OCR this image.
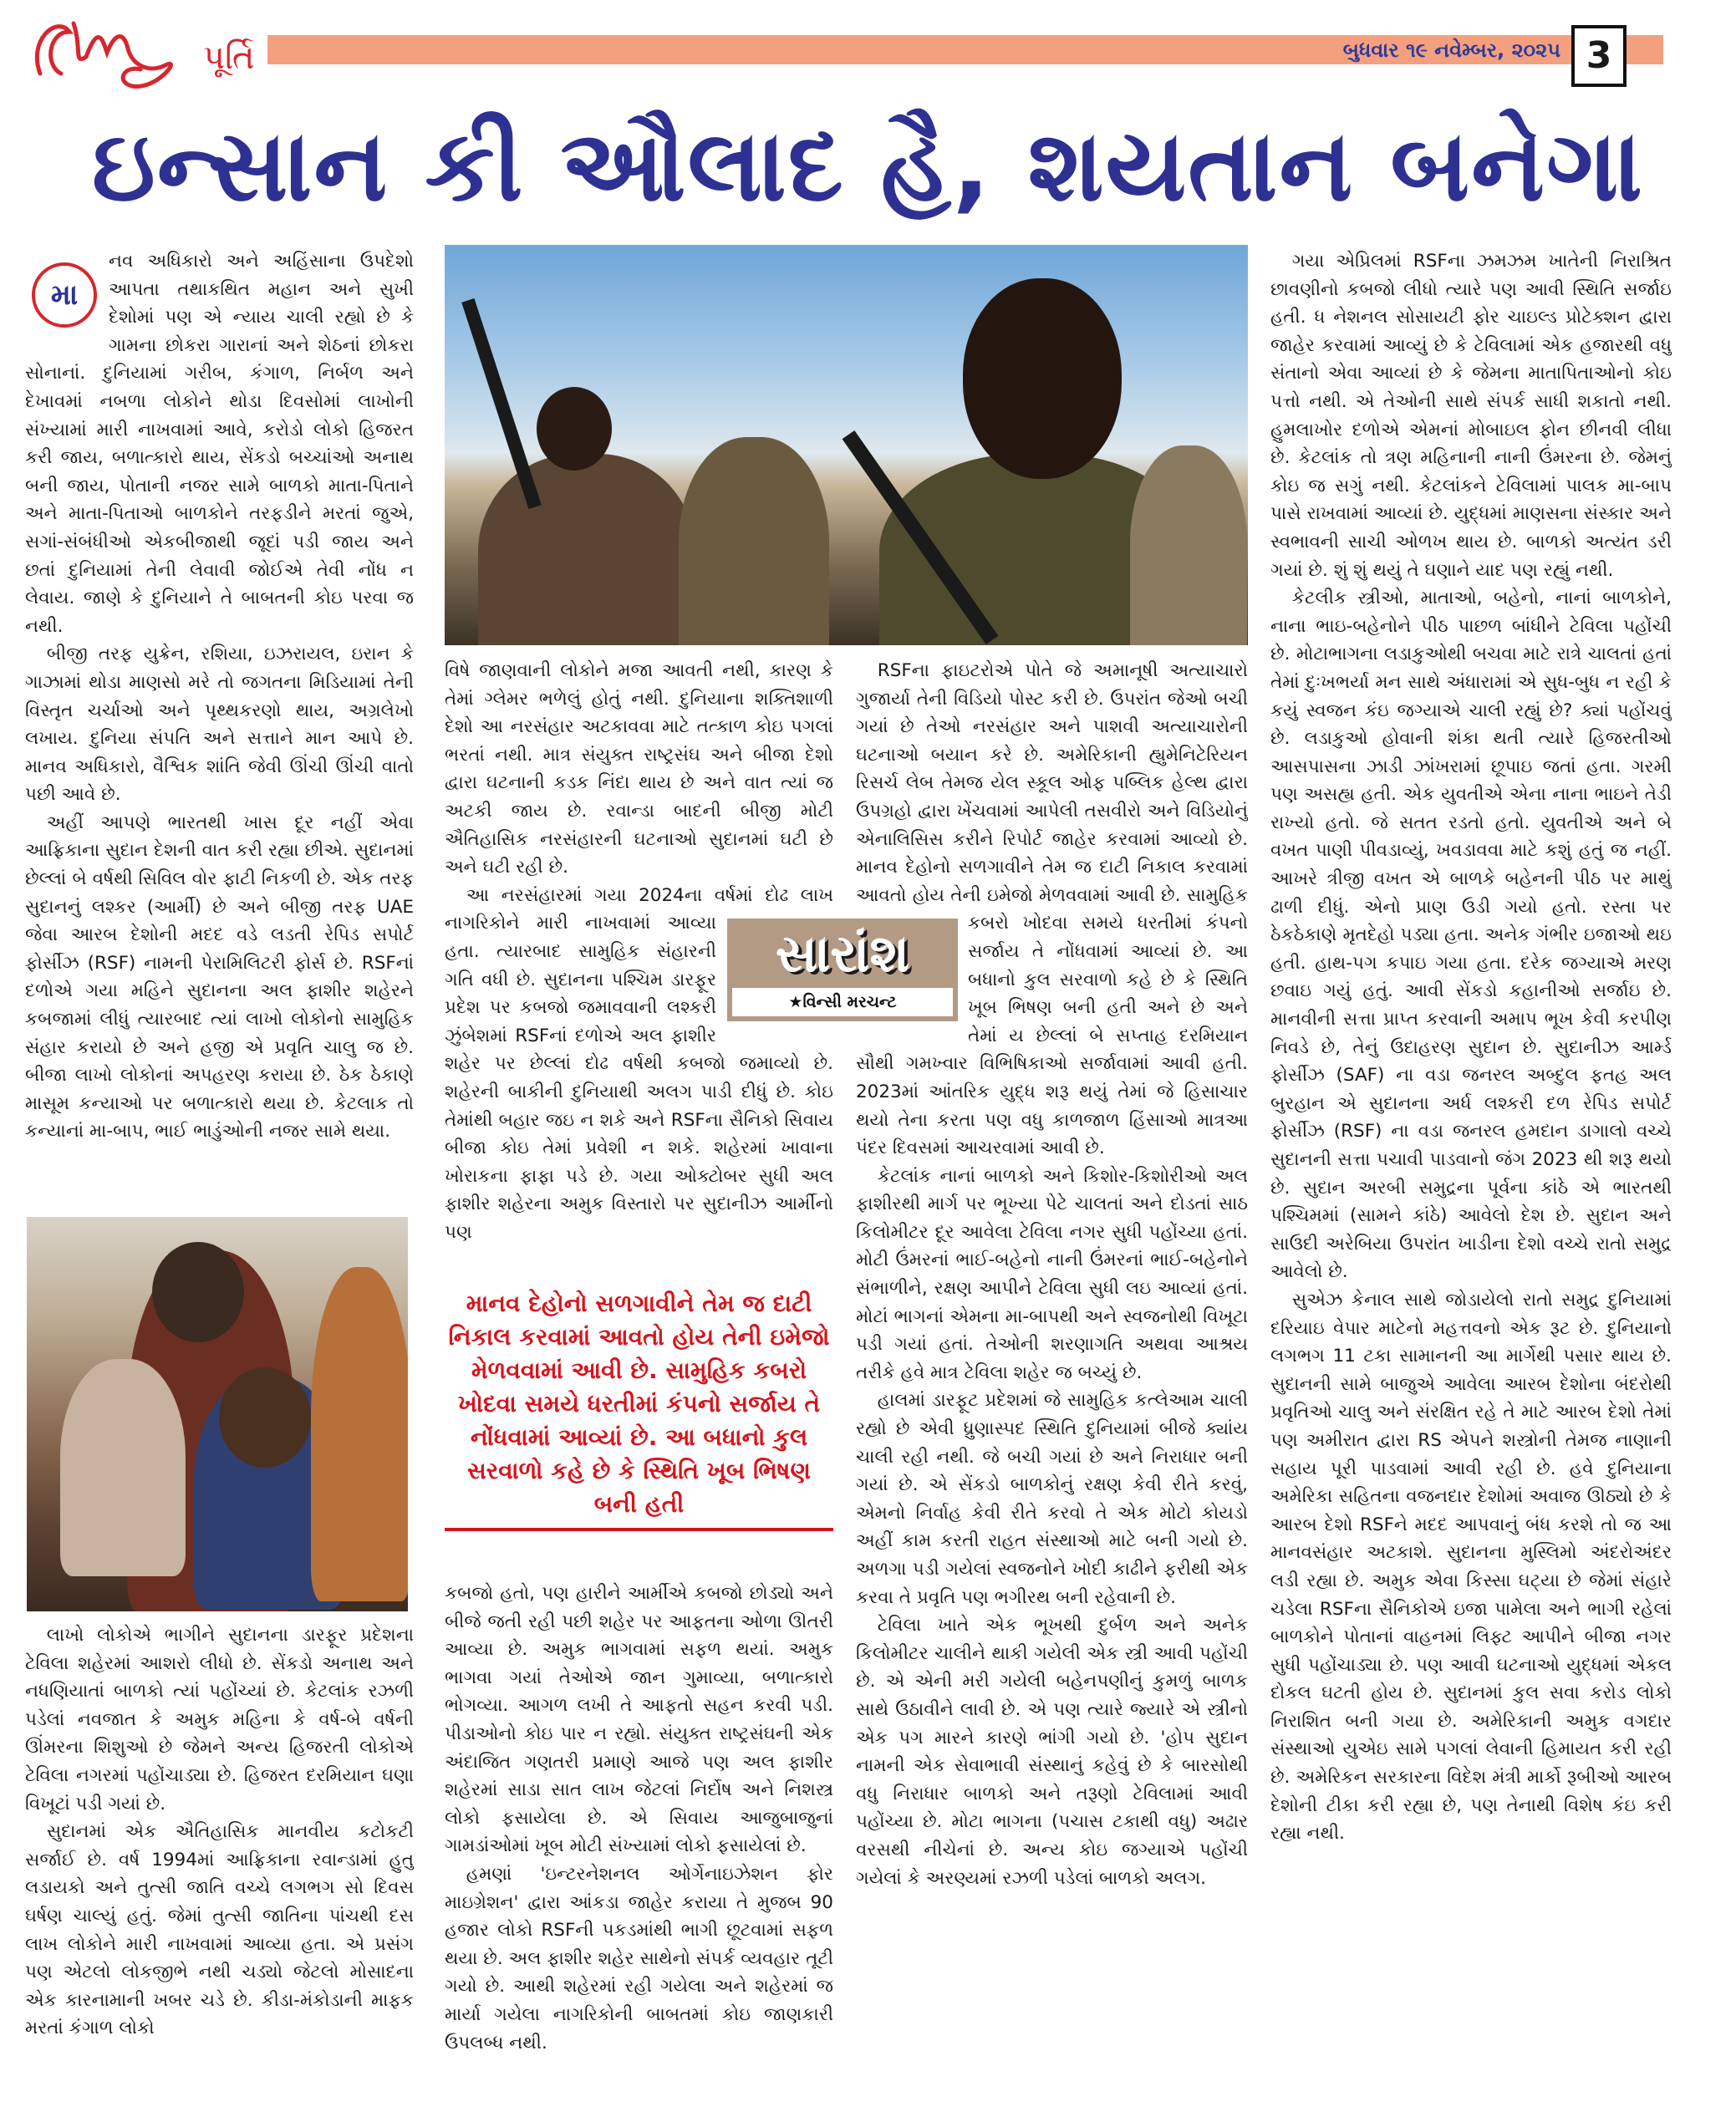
પૂર્તિ	બુધવાર ૧૯ નવેમ્બર, ૨૦૨૫ 3
ઇન્સાન કી ઔલાદ હૈ, શયતાન બનેગા
મા

નવ અધિકારો અને અહિંસાના ઉપદેશો આપતા તથાકથિત મહાન અને સુખી દેશોમાં પણ એ ન્યાય ચાલી રહ્યો છે કે ગામના છોકરા ગારાનાં અને શેઠનાં છોકરા સોનાનાં. દુનિયામાં ગરીબ, કંગાળ, નિર્બળ અને દેખાવમાં નબળા લોકોને થોડા દિવસોમાં લાખોની સંખ્યામાં મારી નાખવામાં આવે, કરોડો લોકો હિજરત કરી જાય, બળાત્કારો થાય, સેંકડો બચ્ચાંઓ અનાથ બની જાય, પોતાની નજર સામે બાળકો માતા-પિતાને અને માતા-પિતાઓ બાળકોને તરફડીને મરતાં જુએ, સગાં-સંબંધીઓ એકબીજાથી જૂદાં પડી જાય અને છતાં દુનિયામાં તેની લેવાવી જોઈએ તેવી નોંધ ન લેવાય. જાણે કે દુનિયાને તે બાબતની કોઇ પરવા જ નથી.

બીજી તરફ યુક્રેન, રશિયા, ઇઝરાયલ, ઇરાન કે ગાઝામાં થોડા માણસો મરે તો જગતના મિડિયામાં તેની વિસ્તૃત ચર્ચાઓ અને પૃથ્થકરણો થાય, અગ્રલેખો લખાય. દુનિયા સંપતિ અને સત્તાને માન આપે છે. માનવ અધિકારો, વૈશ્વિક શાંતિ જેવી ઊંચી ઊંચી વાતો પછી આવે છે.

અહીં આપણે ભારતથી ખાસ દૂર નહીં એવા આફ્રિકાના સુદાન દેશની વાત કરી રહ્યા છીએ. સુદાનમાં છેલ્લાં બે વર્ષથી સિવિલ વોર ફાટી નિકળી છે. એક તરફ સુદાનનું લશ્કર (આર્મી) છે અને બીજી તરફ UAE જેવા આરબ દેશોની મદદ વડે લડતી રેપિડ સપોર્ટ ફોર્સીઝ (RSF) નામની પેરામિલિટરી ફોર્સ છે. RSFનાં દળોએ ગયા મહિને સુદાનના અલ ફાશીર શહેરને કબજામાં લીધું ત્યારબાદ ત્યાં લાખો લોકોનો સામુહિક સંહાર કરાયો છે અને હજી એ પ્રવૃતિ ચાલુ જ છે. બીજા લાખો લોકોનાં અપહરણ કરાયા છે. ઠેક ઠેકાણે માસૂમ કન્યાઓ પર બળાત્કારો થયા છે. કેટલાક તો કન્યાનાં મા-બાપ, ભાઈ ભાડુંઓની નજર સામે થયા.

લાખો લોકોએ ભાગીને સુદાનના ડારફૂર પ્રદેશના ટેવિલા શહેરમાં આશરો લીધો છે. સેંકડો અનાથ અને નધણિયાતાં બાળકો ત્યાં પહોંચ્યાં છે. કેટલાંક રઝળી પડેલાં નવજાત કે અમુક મહિના કે વર્ષ-બે વર્ષની ઊંમરના શિશુઓ છે જેમને અન્ય હિજરતી લોકોએ ટેવિલા નગરમાં પહોંચાડ્યા છે. હિજરત દરમિયાન ઘણા વિખૂટાં પડી ગયાં છે.

સુદાનમાં એક ઐતિહાસિક માનવીય કટોકટી સર્જાઈ છે. વર્ષ 1994માં આફ્રિકાના રવાન્ડામાં હુતુ લડાયકો અને તુત્સી જાતિ વચ્ચે લગભગ સો દિવસ ઘર્ષણ ચાલ્યું હતું. જેમાં તુત્સી જાતિના પાંચથી દસ લાખ લોકોને મારી નાખવામાં આવ્યા હતા. એ પ્રસંગ પણ એટલો લોકજીભે નથી ચડ્યો જેટલો મોસાદના એક કારનામાની ખબર ચડે છે. કીડા-મંકોડાની માફક મરતાં કંગાળ લોકો

વિષે જાણવાની લોકોને મજા આવતી નથી, કારણ કે તેમાં ગ્લેમર ભળેલું હોતું નથી. દુનિયાના શક્તિશાળી દેશો આ નરસંહાર અટકાવવા માટે તત્કાળ કોઇ પગલાં ભરતાં નથી. માત્ર સંયુક્ત રાષ્ટ્રસંઘ અને બીજા દેશો દ્વારા ઘટનાની કડક નિંદા થાય છે અને વાત ત્યાં જ અટકી જાય છે. રવાન્ડા બાદની બીજી મોટી ઐતિહાસિક નરસંહારની ઘટનાઓ સુદાનમાં ઘટી છે અને ઘટી રહી છે.

આ નરસંહારમાં ગયા 2024ના વર્ષમાં દોઢ લાખ નાગરિકોને મારી નાખવામાં આવ્યા હતા. ત્યારબાદ સામુહિક સંહારની ગતિ વધી છે. સુદાનના પશ્ચિમ ડારફૂર પ્રદેશ પર કબજો જમાવવાની લશ્કરી ઝુંબેશમાં RSFનાં દળોએ અલ ફાશીર શહેર પર છેલ્લાં દોઢ વર્ષથી કબજો જમાવ્યો છે. શહેરની બાકીની દુનિયાથી અલગ પાડી દીધું છે. કોઇ તેમાંથી બહાર જઇ ન શકે અને RSFના સૈનિકો સિવાય બીજા કોઇ તેમાં પ્રવેશી ન શકે. શહેરમાં ખાવાના ખોરાકના ફાફા પડે છે. ગયા ઓક્ટોબર સુધી અલ ફાશીર શહેરના અમુક વિસ્તારો પર સુદાનીઝ આર્મીનો પણ

માનવ દેહોનો સળગાવીને તેમ જ દાટી નિકાલ કરવામાં આવતો હોય તેની ઇમેજો મેળવવામાં આવી છે. સામુહિક કબરો ખોદવા સમયે ધરતીમાં કંપનો સર્જાય તે નોંધવામાં આવ્યાં છે. આ બધાનો કુલ સરવાળો કહે છે કે સ્થિતિ ખૂબ ભિષણ બની હતી

કબજો હતો, પણ હારીને આર્મીએ કબજો છોડ્યો અને બીજે જતી રહી પછી શહેર પર આફતના ઓળા ઊતરી આવ્યા છે. અમુક ભાગવામાં સફળ થયાં. અમુક ભાગવા ગયાં તેઓએ જાન ગુમાવ્યા, બળાત્કારો ભોગવ્યા. આગળ લખી તે આફતો સહન કરવી પડી. પીડાઓનો કોઇ પાર ન રહ્યો. સંયુક્ત રાષ્ટ્રસંઘની એક અંદાજિત ગણતરી પ્રમાણે આજે પણ અલ ફાશીર શહેરમાં સાડા સાત લાખ જેટલાં નિર્દોષ અને નિશસ્ત્ર લોકો ફસાયેલા છે. એ સિવાય આજુબાજુનાં ગામડાંઓમાં ખૂબ મોટી સંખ્યામાં લોકો ફસાયેલાં છે.

હમણાં 'ઇન્ટરનેશનલ ઓર્ગેનાઇઝેશન ફોર માઇગ્રેશન' દ્વારા આંકડા જાહેર કરાયા તે મુજબ 90 હજાર લોકો RSFની પકડમાંથી ભાગી છૂટવામાં સફળ થયા છે. અલ ફાશીર શહેર સાથેનો સંપર્ક વ્યવહાર તૂટી ગયો છે. આથી શહેરમાં રહી ગયેલા અને શહેરમાં જ માર્યા ગયેલા નાગરિકોની બાબતમાં કોઇ જાણકારી ઉપલબ્ધ નથી.

RSFના ફાઇટરોએ પોતે જે અમાનૂષી અત્યાચારો ગુજાર્યા તેની વિડિયો પોસ્ટ કરી છે. ઉપરાંત જેઓ બચી ગયાં છે તેઓ નરસંહાર અને પાશવી અત્યાચારોની ઘટનાઓ બયાન કરે છે. અમેરિકાની હ્યુમેનિટેરિયન રિસર્ચ લેબ તેમજ યેલ સ્કૂલ ઓફ પબ્લિક હેલ્થ દ્વારા ઉપગ્રહો દ્વારા ખેંચવામાં આપેલી તસવીરો અને વિડિયોનું એનાલિસિસ કરીને રિપોર્ટ જાહેર કરવામાં આવ્યો છે. માનવ દેહોનો સળગાવીને તેમ જ દાટી નિકાલ કરવામાં આવતો હોય તેની ઇમેજો મેળવવામાં આવી છે. સામુહિક કબરો ખોદવા સમયે ધરતીમાં કંપનો સર્જાય તે નોંધવામાં આવ્યાં છે. આ બધાનો કુલ સરવાળો કહે છે કે સ્થિતિ ખૂબ ભિષણ બની હતી અને છે અને તેમાં ય છેલ્લાં બે સપ્તાહ દરમિયાન સૌથી ગમખ્વાર વિભિષિકાઓ સર્જાવામાં આવી હતી. 2023માં આંતરિક યુદ્ધ શરૂ થયું તેમાં જે હિસાચાર થયો તેના કરતા પણ વધુ કાળજાળ હિંસાઓ માત્રઆ પંદર દિવસમાં આચરવામાં આવી છે.

કેટલાંક નાનાં બાળકો અને કિશોર-કિશોરીઓ અલ ફાશીરથી માર્ગ પર ભૂખ્યા પેટે ચાલતાં અને દોડતાં સાઠ કિલોમીટર દૂર આવેલા ટેવિલા નગર સુધી પહોંચ્યા હતાં. મોટી ઉંમરનાં ભાઈ-બહેનો નાની ઉંમરનાં ભાઈ-બહેનોને સંભાળીને, રક્ષણ આપીને ટેવિલા સુધી લઇ આવ્યાં હતાં. મોટાં ભાગનાં એમના મા-બાપથી અને સ્વજનોથી વિખૂટા પડી ગયાં હતાં. તેઓની શરણાગતિ અથવા આશ્રય તરીકે હવે માત્ર ટેવિલા શહેર જ બચ્યું છે.

હાલમાં ડારફૂટ પ્રદેશમાં જે સામુહિક કત્લેઆમ ચાલી રહ્યો છે એવી ધ્રુણાસ્પદ સ્થિતિ દુનિયામાં બીજે ક્યાંય ચાલી રહી નથી. જે બચી ગયાં છે અને નિરાધાર બની ગયાં છે. એ સેંકડો બાળકોનું રક્ષણ કેવી રીતે કરવું, એમનો નિર્વાહ કેવી રીતે કરવો તે એક મોટો કોયડો અહીં કામ કરતી રાહત સંસ્થાઓ માટે બની ગયો છે. અળગા પડી ગયેલાં સ્વજનોને ખોદી કાઢીને ફરીથી એક કરવા તે પ્રવૃતિ પણ ભગીરથ બની રહેવાની છે.

ટેવિલા ખાતે એક ભૂખથી દુર્બળ અને અનેક કિલોમીટર ચાલીને થાકી ગયેલી એક સ્ત્રી આવી પહોંચી છે. એ એની મરી ગયેલી બહેનપણીનું કુમળું બાળક સાથે ઉઠાવીને લાવી છે. એ પણ ત્યારે જ્યારે એ સ્ત્રીનો એક પગ મારને કારણે ભાંગી ગયો છે. 'હોપ સુદાન નામની એક સેવાભાવી સંસ્થાનું કહેવું છે કે બારસોથી વધુ નિરાધાર બાળકો અને તરૂણો ટેવિલામાં આવી પહોંચ્યા છે. મોટા ભાગના (પચાસ ટકાથી વધુ) અઢાર વરસથી નીચેનાં છે. અન્ય કોઇ જગ્યાએ પહોંચી ગયેલાં કે અરણ્યમાં રઝળી પડેલાં બાળકો અલગ.

સારાંશ
★વિન્સી મરચન્ટ

ગયા એપ્રિલમાં RSFના ઝમઝમ ખાતેની નિરાશ્રિત છાવણીનો કબજો લીધો ત્યારે પણ આવી સ્થિતિ સર્જાઇ હતી. ધ નેશનલ સોસાયટી ફોર ચાઇલ્ડ પ્રોટેક્શન દ્વારા જાહેર કરવામાં આવ્યું છે કે ટેવિલામાં એક હજારથી વધુ સંતાનો એવા આવ્યાં છે કે જેમના માતાપિતાઓનો કોઇ પત્તો નથી. એ તેઓની સાથે સંપર્ક સાધી શકાતો નથી. હુમલાખોર દળોએ એમનાં મોબાઇલ ફોન છીનવી લીધા છે. કેટલાંક તો ત્રણ મહિનાની નાની ઉંમરના છે. જેમનું કોઇ જ સગું નથી. કેટલાંકને ટેવિલામાં પાલક મા-બાપ પાસે રાખવામાં આવ્યાં છે. યુદ્ધમાં માણસના સંસ્કાર અને સ્વભાવની સાચી ઓળખ થાય છે. બાળકો અત્યંત ડરી ગયાં છે. શું શું થયું તે ઘણાને યાદ પણ રહ્યું નથી.

કેટલીક સ્ત્રીઓ, માતાઓ, બહેનો, નાનાં બાળકોને, નાના ભાઇ-બહેનોને પીઠ પાછળ બાંધીને ટેવિલા પહોંચી છે. મોટાભાગના લડાકુઓથી બચવા માટે રાત્રે ચાલતાં હતાં તેમાં દુઃખભર્યા મન સાથે અંધારામાં એ સુધ-બુધ ન રહી કે કયું સ્વજન કંઇ જગ્યાએ ચાલી રહ્યું છે? ક્યાં પહોંચવું છે. લડાકુઓ હોવાની શંકા થતી ત્યારે હિજરતીઓ આસપાસના ઝાડી ઝાંખરામાં છૂપાઇ જતાં હતા. ગરમી પણ અસહ્ય હતી. એક યુવતીએ એના નાના ભાઇને તેડી રાખ્યો હતો. જે સતત રડતો હતો. યુવતીએ અને બે વખત પાણી પીવડાવ્યું, ખવડાવવા માટે કશું હતું જ નહીં. આખરે ત્રીજી વખત એ બાળકે બહેનની પીઠ પર માથું ઢાળી દીધું. એનો પ્રાણ ઉડી ગયો હતો. રસ્તા પર ઠેકઠેકાણે મૃતદેહો પડ્યા હતા. અનેક ગંભીર ઇજાઓ થઇ હતી. હાથ-પગ કપાઇ ગયા હતા. દરેક જગ્યાએ મરણ છવાઇ ગયું હતું. આવી સેંકડો કહાનીઓ સર્જાઇ છે. માનવીની સત્તા પ્રાપ્ત કરવાની અમાપ ભૂખ કેવી કરપીણ નિવડે છે, તેનું ઉદાહરણ સુદાન છે. સુદાનીઝ આર્મ્ડ ફોર્સીઝ (SAF) ના વડા જનરલ અબ્દુલ ફતહ અલ બુરહાન એ સુદાનના અર્ધ લશ્કરી દળ રેપિડ સપોર્ટ ફોર્સીઝ (RSF) ના વડા જનરલ હમદાન ડાગાલો વચ્ચે સુદાનની સત્તા પચાવી પાડવાનો જંગ 2023 થી શરૂ થયો છે. સુદાન અરબી સમુદ્રના પૂર્વના કાંઠે એ ભારતથી પશ્ચિમમાં (સામને કાંઠે) આવેલો દેશ છે. સુદાન અને સાઉદી અરેબિયા ઉપરાંત ખાડીના દેશો વચ્ચે રાતો સમુદ્ર આવેલો છે.

સુએઝ કેનાલ સાથે જોડાયેલો રાતો સમુદ્ર દુનિયામાં દરિયાઇ વેપાર માટેનો મહત્તવનો એક રૂટ છે. દુનિયાનો લગભગ 11 ટકા સામાનની આ માર્ગેથી પસાર થાય છે. સુદાનની સામે બાજુએ આવેલા આરબ દેશોના બંદરોથી પ્રવૃતિઓ ચાલુ અને સંરક્ષિત રહે તે માટે આરબ દેશો તેમાં પણ અમીરાત દ્વારા RS એપને શસ્ત્રોની તેમજ નાણાની સહાય પૂરી પાડવામાં આવી રહી છે. હવે દુનિયાના અમેરિકા સહિતના વજનદાર દેશોમાં અવાજ ઊઠ્યો છે કે આરબ દેશો RSFને મદદ આપવાનું બંધ કરશે તો જ આ માનવસંહાર અટકાશે. સુદાનના મુસ્લિમો અંદરોઅંદર લડી રહ્યા છે. અમુક એવા કિસ્સા ઘટ્યા છે જેમાં સંહારે ચડેલા RSFના સૈનિકોએ ઇજા પામેલા અને ભાગી રહેલાં બાળકોને પોતાનાં વાહનમાં લિફ્ટ આપીને બીજા નગર સુધી પહોંચાડ્યા છે. પણ આવી ઘટનાઓ યુદ્ધમાં એકલ દોકલ ઘટતી હોય છે. સુદાનમાં કુલ સવા કરોડ લોકો નિરાશિત બની ગયા છે. અમેરિકાની અમુક વગદાર સંસ્થાઓ યુએઇ સામે પગલાં લેવાની હિમાયત કરી રહી છે. અમેરિકન સરકારના વિદેશ મંત્રી માર્કો રૂબીઓ આરબ દેશોની ટીકા કરી રહ્યા છે, પણ તેનાથી વિશેષ કંઇ કરી રહ્યા નથી.
